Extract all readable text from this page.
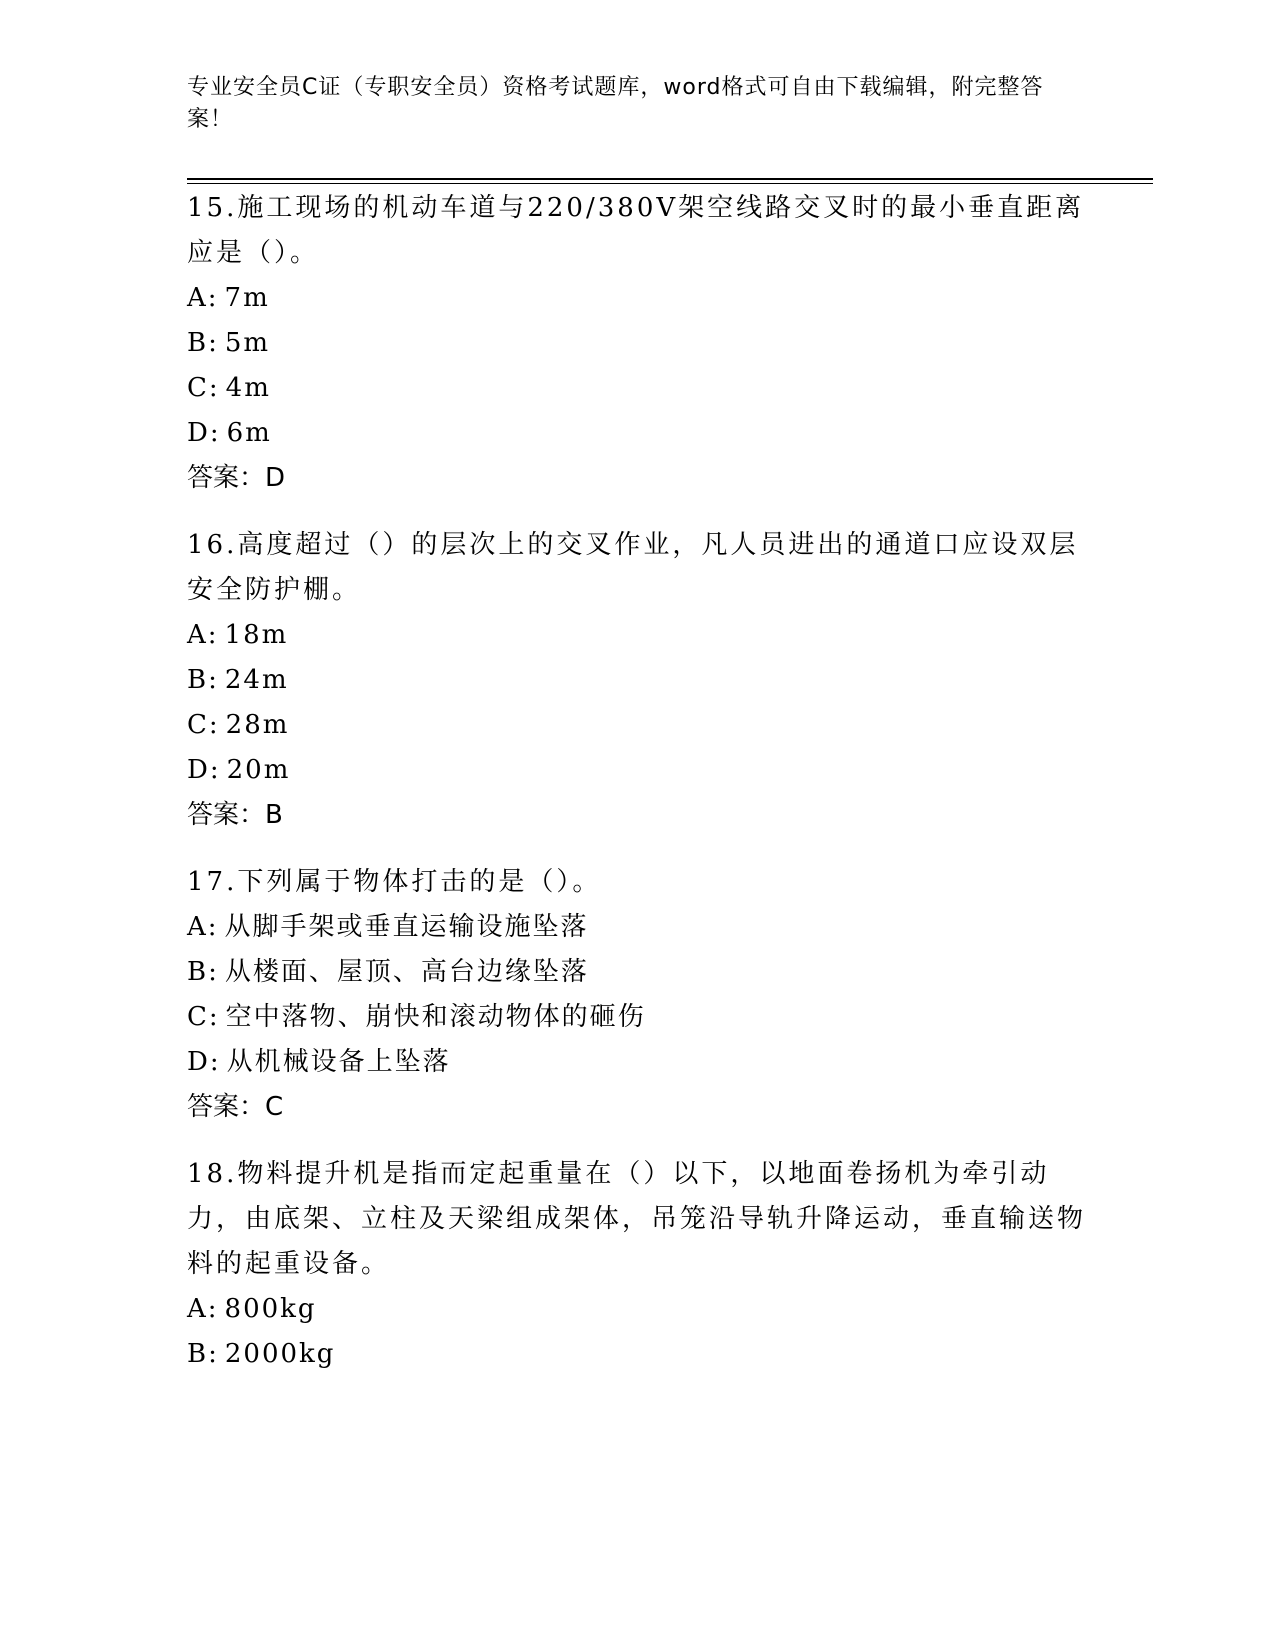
专业安全员C证（专职安全员）资格考试题库，word格式可自由下载编辑，附完整答案！

15.施工现场的机动车道与220/380V架空线路交叉时的最小垂直距离应是（）。

A: 7m

B: 5m

C: 4m

D: 6m

答案：D

16.高度超过（）的层次上的交叉作业，凡人员进出的通道口应设双层安全防护棚。

A: 18m

B: 24m

C: 28m

D: 20m

答案：B

17.下列属于物体打击的是（）。

A: 从脚手架或垂直运输设施坠落

B: 从楼面、屋顶、高台边缘坠落

C: 空中落物、崩快和滚动物体的砸伤

D: 从机械设备上坠落

答案：C

18.物料提升机是指而定起重量在（）以下，以地面卷扬机为牵引动力，由底架、立柱及天梁组成架体，吊笼沿导轨升降运动，垂直输送物料的起重设备。

A: 800kg

B: 2000kg
